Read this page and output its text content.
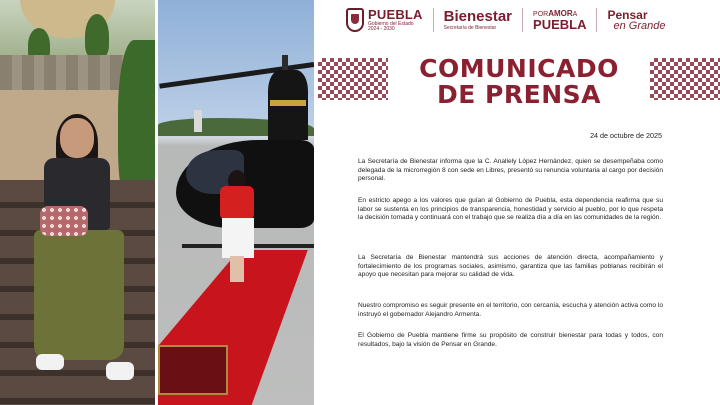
PUEBLA
Gobierno del Estado
2024 - 2030
Bienestar
Secretaría de Bienestar
PORAMORA
PUEBLA
Pensar
en Grande
COMUNICADO
DE PRENSA
24 de octubre de 2025

La Secretaría de Bienestar informa que la C. Anallely López Hernández, quien se desempeñaba como delegada de la microrregión 8 con sede en Libres, presentó su renuncia voluntaria al cargo por decisión personal.

En estricto apego a los valores que guían al Gobierno de Puebla, esta dependencia reafirma que su labor se sustenta en los principios de transparencia, honestidad y servicio al pueblo, por lo que respeta la decisión tomada y continuará con el trabajo que se realiza día a día en las comunidades de la región.

La Secretaría de Bienestar mantendrá sus acciones de atención directa, acompañamiento y fortalecimiento de los programas sociales, asimismo, garantiza que las familias poblanas recibirán el apoyo que necesitan para mejorar su calidad de vida.

Nuestro compromiso es seguir presente en el territorio, con cercanía, escucha y atención activa como lo instruyó el gobernador Alejandro Armenta.

El Gobierno de Puebla mantiene firme su propósito de construir bienestar para todas y todos, con resultados, bajo la visión de Pensar en Grande.
